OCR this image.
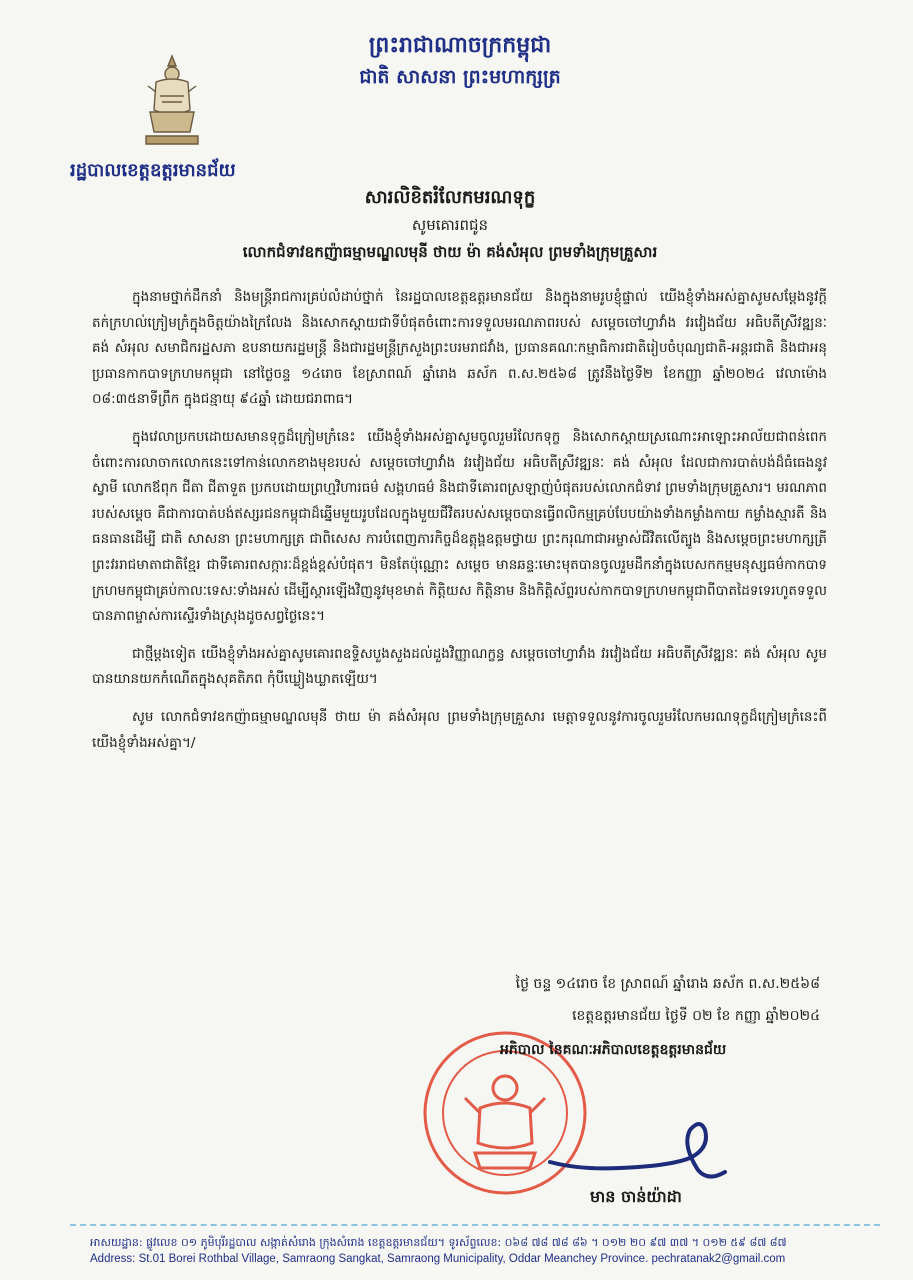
ព្រះរាជាណាចក្រកម្ពុជា
ជាតិ សាសនា ព្រះមហាក្សត្រ
រដ្ឋបាលខេត្តឧត្តរមានជ័យ
សារលិខិតរំលែកមរណទុក្ខ
សូមគោរពជូន
លោកជំទាវឧកញ៉ាធម្មាមណ្ឌលមុនី ថាយ ម៉ា គង់សំអុល ព្រមទាំងក្រុមគ្រួសារ

ក្នុងនាមថ្នាក់ដឹកនាំ និងមន្ត្រីរាជការគ្រប់លំដាប់ថ្នាក់ នៃរដ្ឋបាលខេត្តឧត្តរមានជ័យ និងក្នុងនាមរូបខ្ញុំផ្ទាល់ យើងខ្ញុំទាំងអស់គ្នាសូមសម្តែងនូវក្តីតក់ក្រហល់ក្រៀមក្រំក្នុងចិត្តយ៉ាងក្រៃលែង និងសោកស្តាយជាទីបំផុតចំពោះការទទួលមរណភាពរបស់ សម្តេចចៅហ្វាវាំង វរវៀងជ័យ អធិបតីស្រីវឌ្ឍនៈ គង់ សំអុល សមាជិករដ្ឋសភា ឧបនាយករដ្ឋមន្ត្រី និងជារដ្ឋមន្ត្រីក្រសួងព្រះបរមរាជវាំង, ប្រធានគណៈកម្មាធិការជាតិរៀបចំបុណ្យជាតិ-អន្តរជាតិ និងជាអនុប្រធានកាកបាទក្រហមកម្ពុជា នៅថ្ងៃចន្ទ ១៤រោច ខែស្រាពណ៍ ឆ្នាំរោង ឆស័ក ព.ស.២៥៦៨ ត្រូវនឹងថ្ងៃទី២ ខែកញ្ញា ឆ្នាំ២០២៤ វេលាម៉ោង ០៨:៣៥នាទីព្រឹក ក្នុងជន្មាយុ ៩៤ឆ្នាំ ដោយជរាពាធ។

ក្នុងវេលាប្រកបដោយសមានទុក្ខដ៏ក្រៀមក្រំនេះ យើងខ្ញុំទាំងអស់គ្នាសូមចូលរួមរំលែកទុក្ខ និងសោកស្តាយស្រណោះអាឡោះអាល័យជាពន់ពេក ចំពោះការលាចាកលោកនេះទៅកាន់លោកខាងមុខរបស់ សម្តេចចៅហ្វាវាំង វរវៀងជ័យ អធិបតីស្រីវឌ្ឍនៈ គង់ សំអុល ដែលជាការបាត់បង់ដ៏ធំធេងនូវស្វាមី លោកឪពុក ជីតា ជីតាទួត ប្រកបដោយព្រហ្មវិហារធម៌ សង្គហធម៌ និងជាទីគោរពស្រឡាញ់បំផុតរបស់លោកជំទាវ ព្រមទាំងក្រុមគ្រួសារ។ មរណភាពរបស់សម្តេច គឺជាការបាត់បង់ឥស្សរជនកម្ពុជាដ៏ឆ្នើមមួយរូបដែលក្នុងមួយជីវិតរបស់សម្តេចបានធ្វើពលិកម្មគ្រប់បែបយ៉ាងទាំងកម្លាំងកាយ កម្លាំងស្មារតី និងធនធានដើម្បី ជាតិ សាសនា ព្រះមហាក្សត្រ ជាពិសេស ការបំពេញភារកិច្ចដ៏ឧត្តុង្គឧត្តមថ្វាយ ព្រះករុណាជាអម្ចាស់ជីវិតលើត្បូង និងសម្តេចព្រះមហាក្សត្រី ព្រះវររាជមាតាជាតិខ្មែរ ជាទីគោរពសក្ការៈដ៏ខ្ពង់ខ្ពស់បំផុត។ មិនតែប៉ុណ្ណោះ សម្តេច មានឆន្ទៈមោះមុតបានចូលរួមដឹកនាំក្នុងបេសកកម្មមនុស្សធម៌កាកបាទក្រហមកម្ពុជាគ្រប់កាលៈទេសៈទាំងអស់ ដើម្បីស្តារឡើងវិញនូវមុខមាត់ កិត្តិយស កិត្តិនាម និងកិត្តិស័ព្ទរបស់កាកបាទក្រហមកម្ពុជាពីបាតដៃទទេរហូតទទួលបានភាពម្ចាស់ការស្ទើរទាំងស្រុងដូចសព្វថ្ងៃនេះ។

ជាថ្មីម្តងទៀត យើងខ្ញុំទាំងអស់គ្នាសូមគោរពឧទ្ទិសបួងសួងដល់ដួងវិញ្ញាណក្ខន្ធ សម្តេចចៅហ្វាវាំង វរវៀងជ័យ អធិបតីស្រីវឌ្ឍនៈ គង់ សំអុល សូមបានយានយកកំណើតក្នុងសុគតិភព កុំបីឃ្លៀងឃ្លាតឡើយ។

សូម លោកជំទាវឧកញ៉ាធម្មាមណ្ឌលមុនី ថាយ ម៉ា គង់សំអុល ព្រមទាំងក្រុមគ្រួសារ មេត្តាទទួលនូវការចូលរួមរំលែកមរណទុក្ខដ៏ក្រៀមក្រំនេះពីយើងខ្ញុំទាំងអស់គ្នា។/

ថ្ងៃ ចន្ទ ១៤រោច ខែ ស្រាពណ៍ ឆ្នាំរោង ឆស័ក ព.ស.២៥៦៨
ខេត្តឧត្តរមានជ័យ ថ្ងៃទី ០២ ខែ កញ្ញា ឆ្នាំ២០២៤
អភិបាល នៃគណៈអភិបាលខេត្តឧត្តរមានជ័យ
មាន ចាន់យ៉ាដា
អាសយដ្ឋាន: ផ្លូវលេខ ០១ ភូមិបុរីរដ្ឋបាល សង្កាត់សំរោង ក្រុងសំរោង ខេត្តឧត្តរមានជ័យ។ ទូរស័ព្ទលេខ: ០៦៨ ៧៨ ៧៨ ៨៦ ។ ០១២ ២០ ៩៧ ៣៧ ។ ០១២ ៥៩ ៨៧ ៨៧
Address: St.01 Borei Rothbal Village, Samraong Sangkat, Samraong Municipality, Oddar Meanchey Province. pechratanak2@gmail.com
